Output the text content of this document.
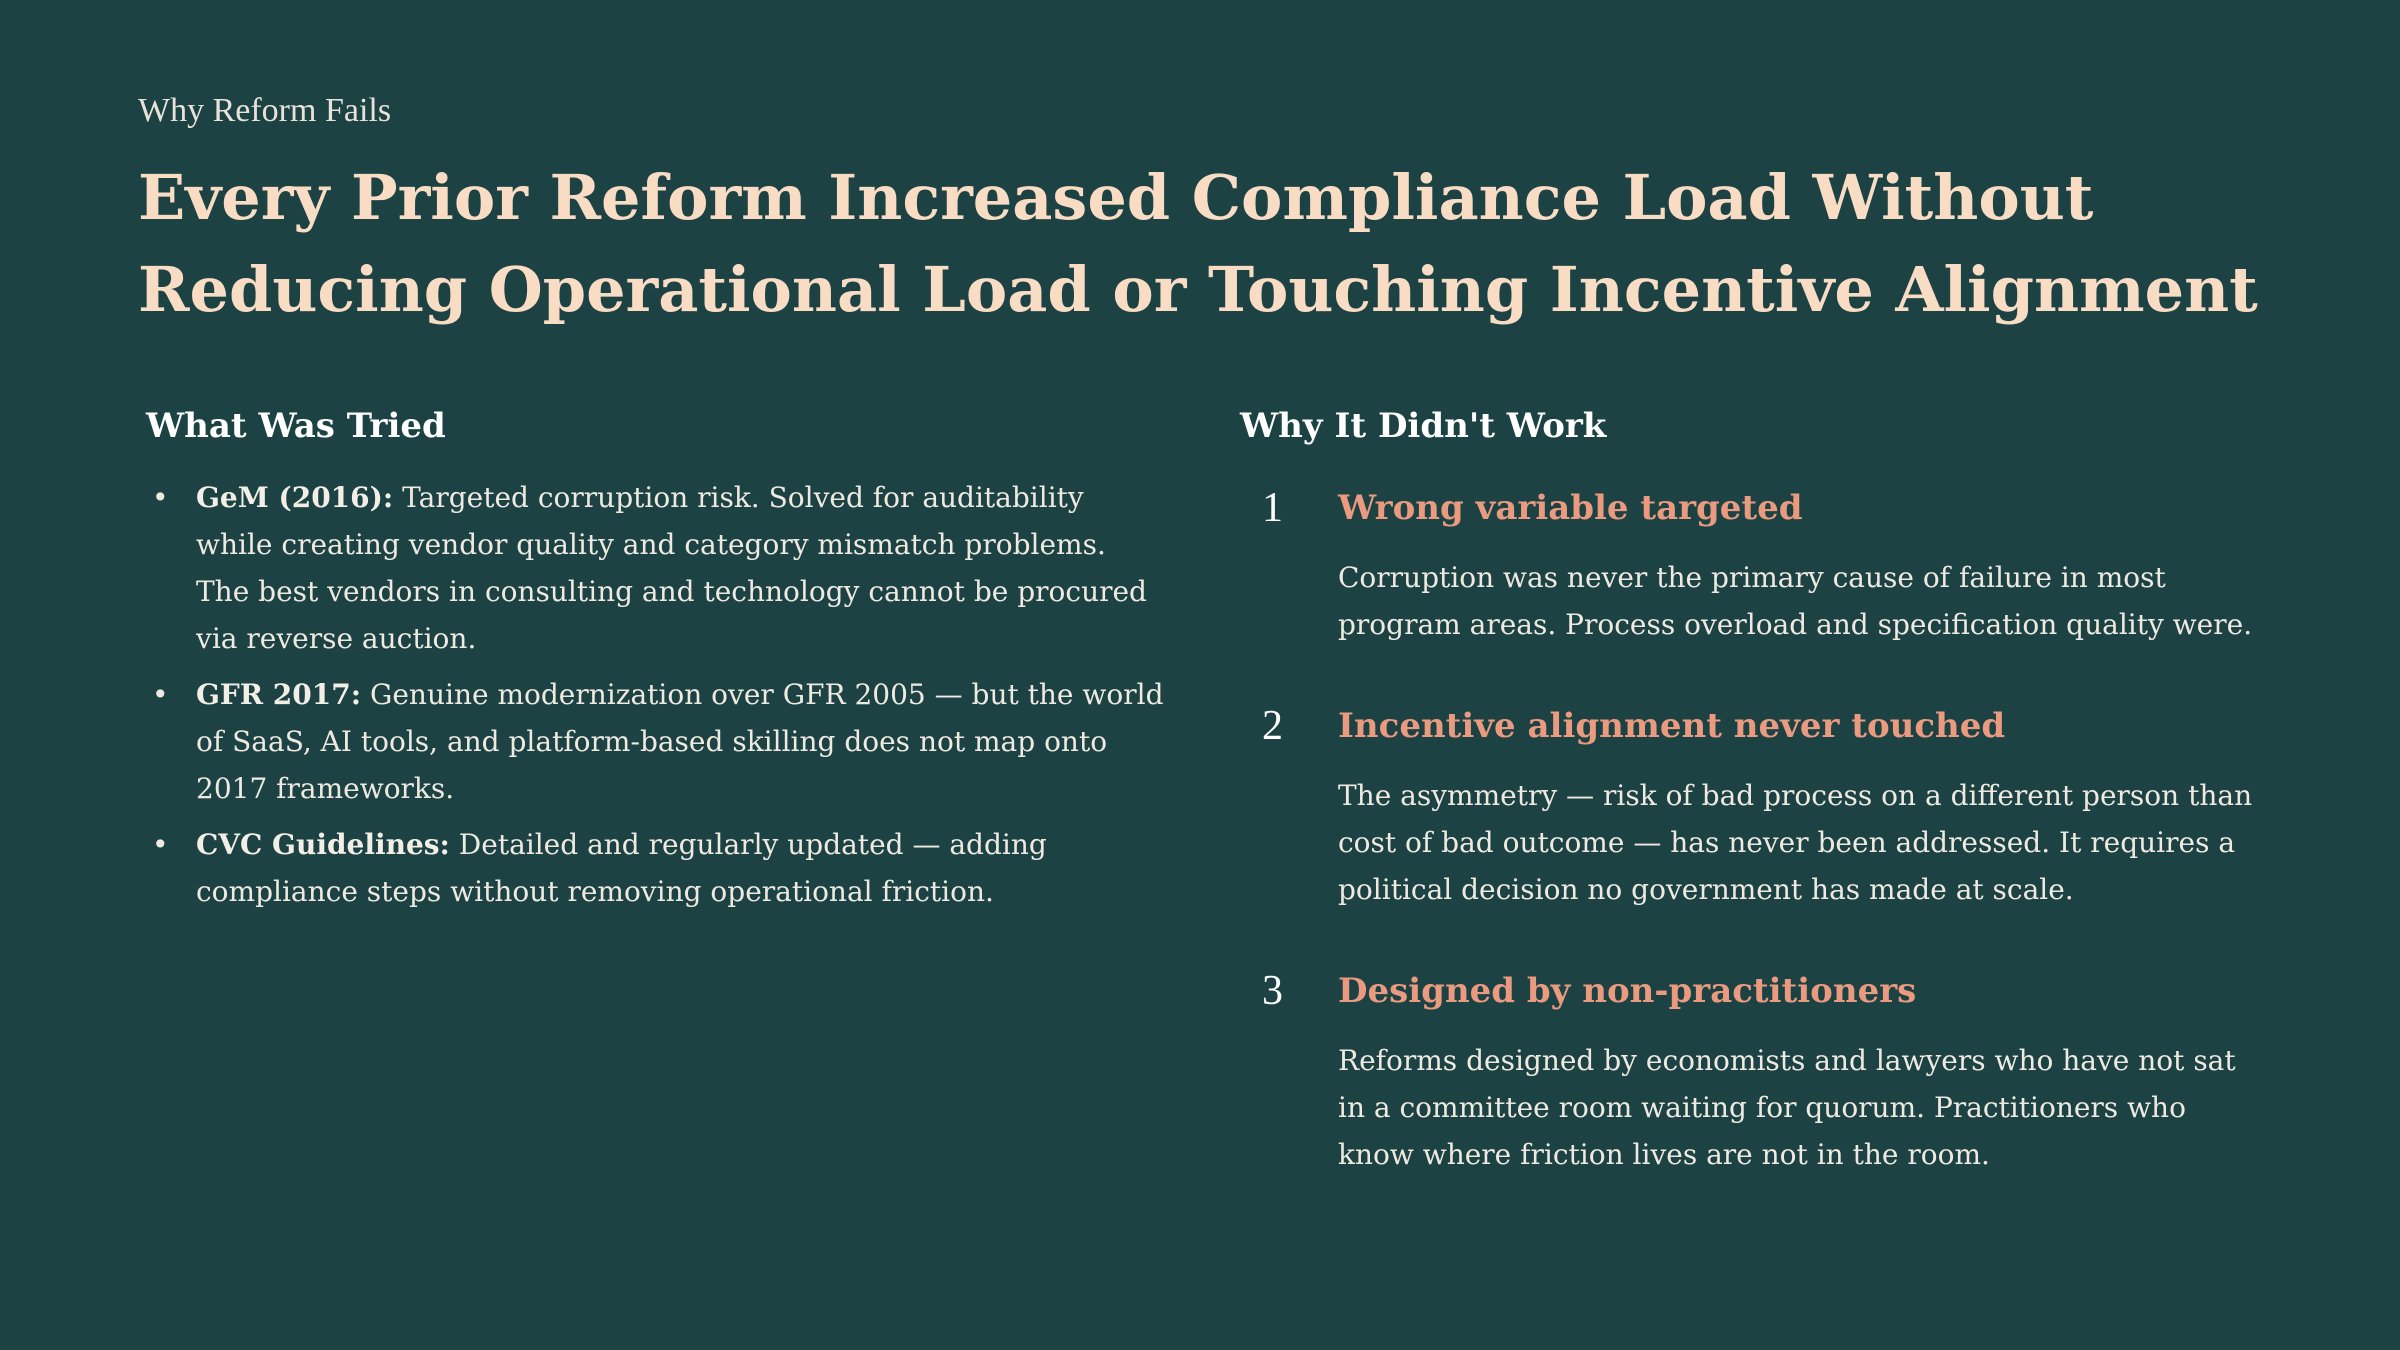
Why Reform Fails
Every Prior Reform Increased Compliance Load Without Reducing Operational Load or Touching Incentive Alignment
What Was Tried
• GeM (2016): Targeted corruption risk. Solved for auditability while creating vendor quality and category mismatch problems. The best vendors in consulting and technology cannot be procured via reverse auction.
• GFR 2017: Genuine modernization over GFR 2005 — but the world of SaaS, AI tools, and platform-based skilling does not map onto 2017 frameworks.
• CVC Guidelines: Detailed and regularly updated — adding compliance steps without removing operational friction.
Why It Didn't Work
1 Wrong variable targeted

Corruption was never the primary cause of failure in most program areas. Process overload and specification quality were.

2 Incentive alignment never touched

The asymmetry — risk of bad process on a different person than cost of bad outcome — has never been addressed. It requires a political decision no government has made at scale.

3 Designed by non-practitioners

Reforms designed by economists and lawyers who have not sat in a committee room waiting for quorum. Practitioners who know where friction lives are not in the room.
